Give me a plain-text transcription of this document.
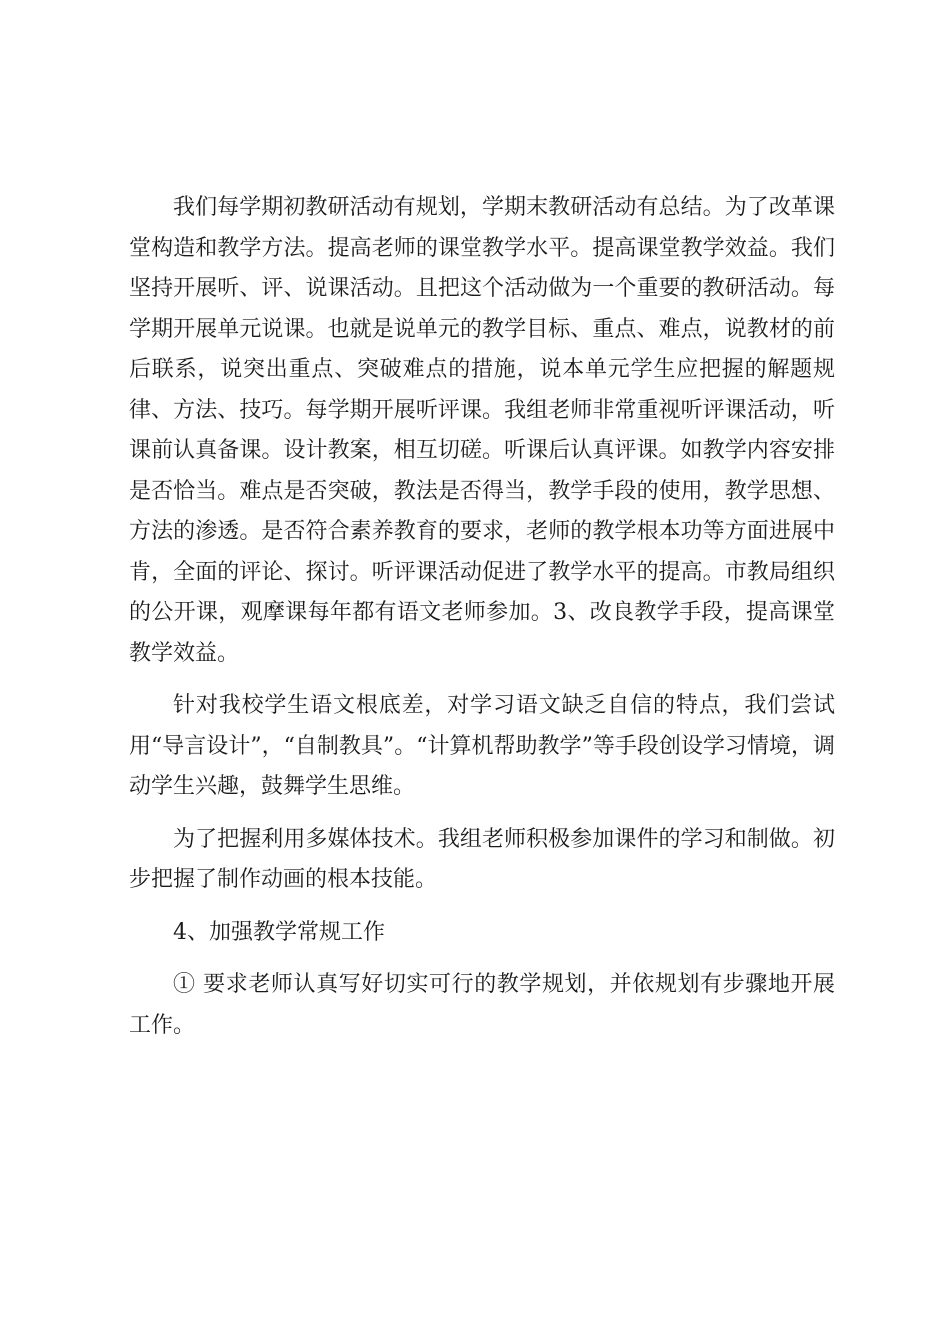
我们每学期初教研活动有规划，学期末教研活动有总结。为了改革课堂构造和教学方法。提高老师的课堂教学水平。提高课堂教学效益。我们坚持开展听、评、说课活动。且把这个活动做为一个重要的教研活动。每学期开展单元说课。也就是说单元的教学目标、重点、难点，说教材的前后联系，说突出重点、突破难点的措施，说本单元学生应把握的解题规律、方法、技巧。每学期开展听评课。我组老师非常重视听评课活动，听课前认真备课。设计教案，相互切磋。听课后认真评课。如教学内容安排是否恰当。难点是否突破，教法是否得当，教学手段的使用，教学思想、方法的渗透。是否符合素养教育的要求，老师的教学根本功等方面进展中肯，全面的评论、探讨。听评课活动促进了教学水平的提高。市教局组织的公开课，观摩课每年都有语文老师参加。3、改良教学手段，提高课堂教学效益。

针对我校学生语文根底差，对学习语文缺乏自信的特点，我们尝试用“导言设计”，“自制教具”。“计算机帮助教学”等手段创设学习情境，调动学生兴趣，鼓舞学生思维。

为了把握利用多媒体技术。我组老师积极参加课件的学习和制做。初步把握了制作动画的根本技能。

4、加强教学常规工作

① 要求老师认真写好切实可行的教学规划，并依规划有步骤地开展工作。
